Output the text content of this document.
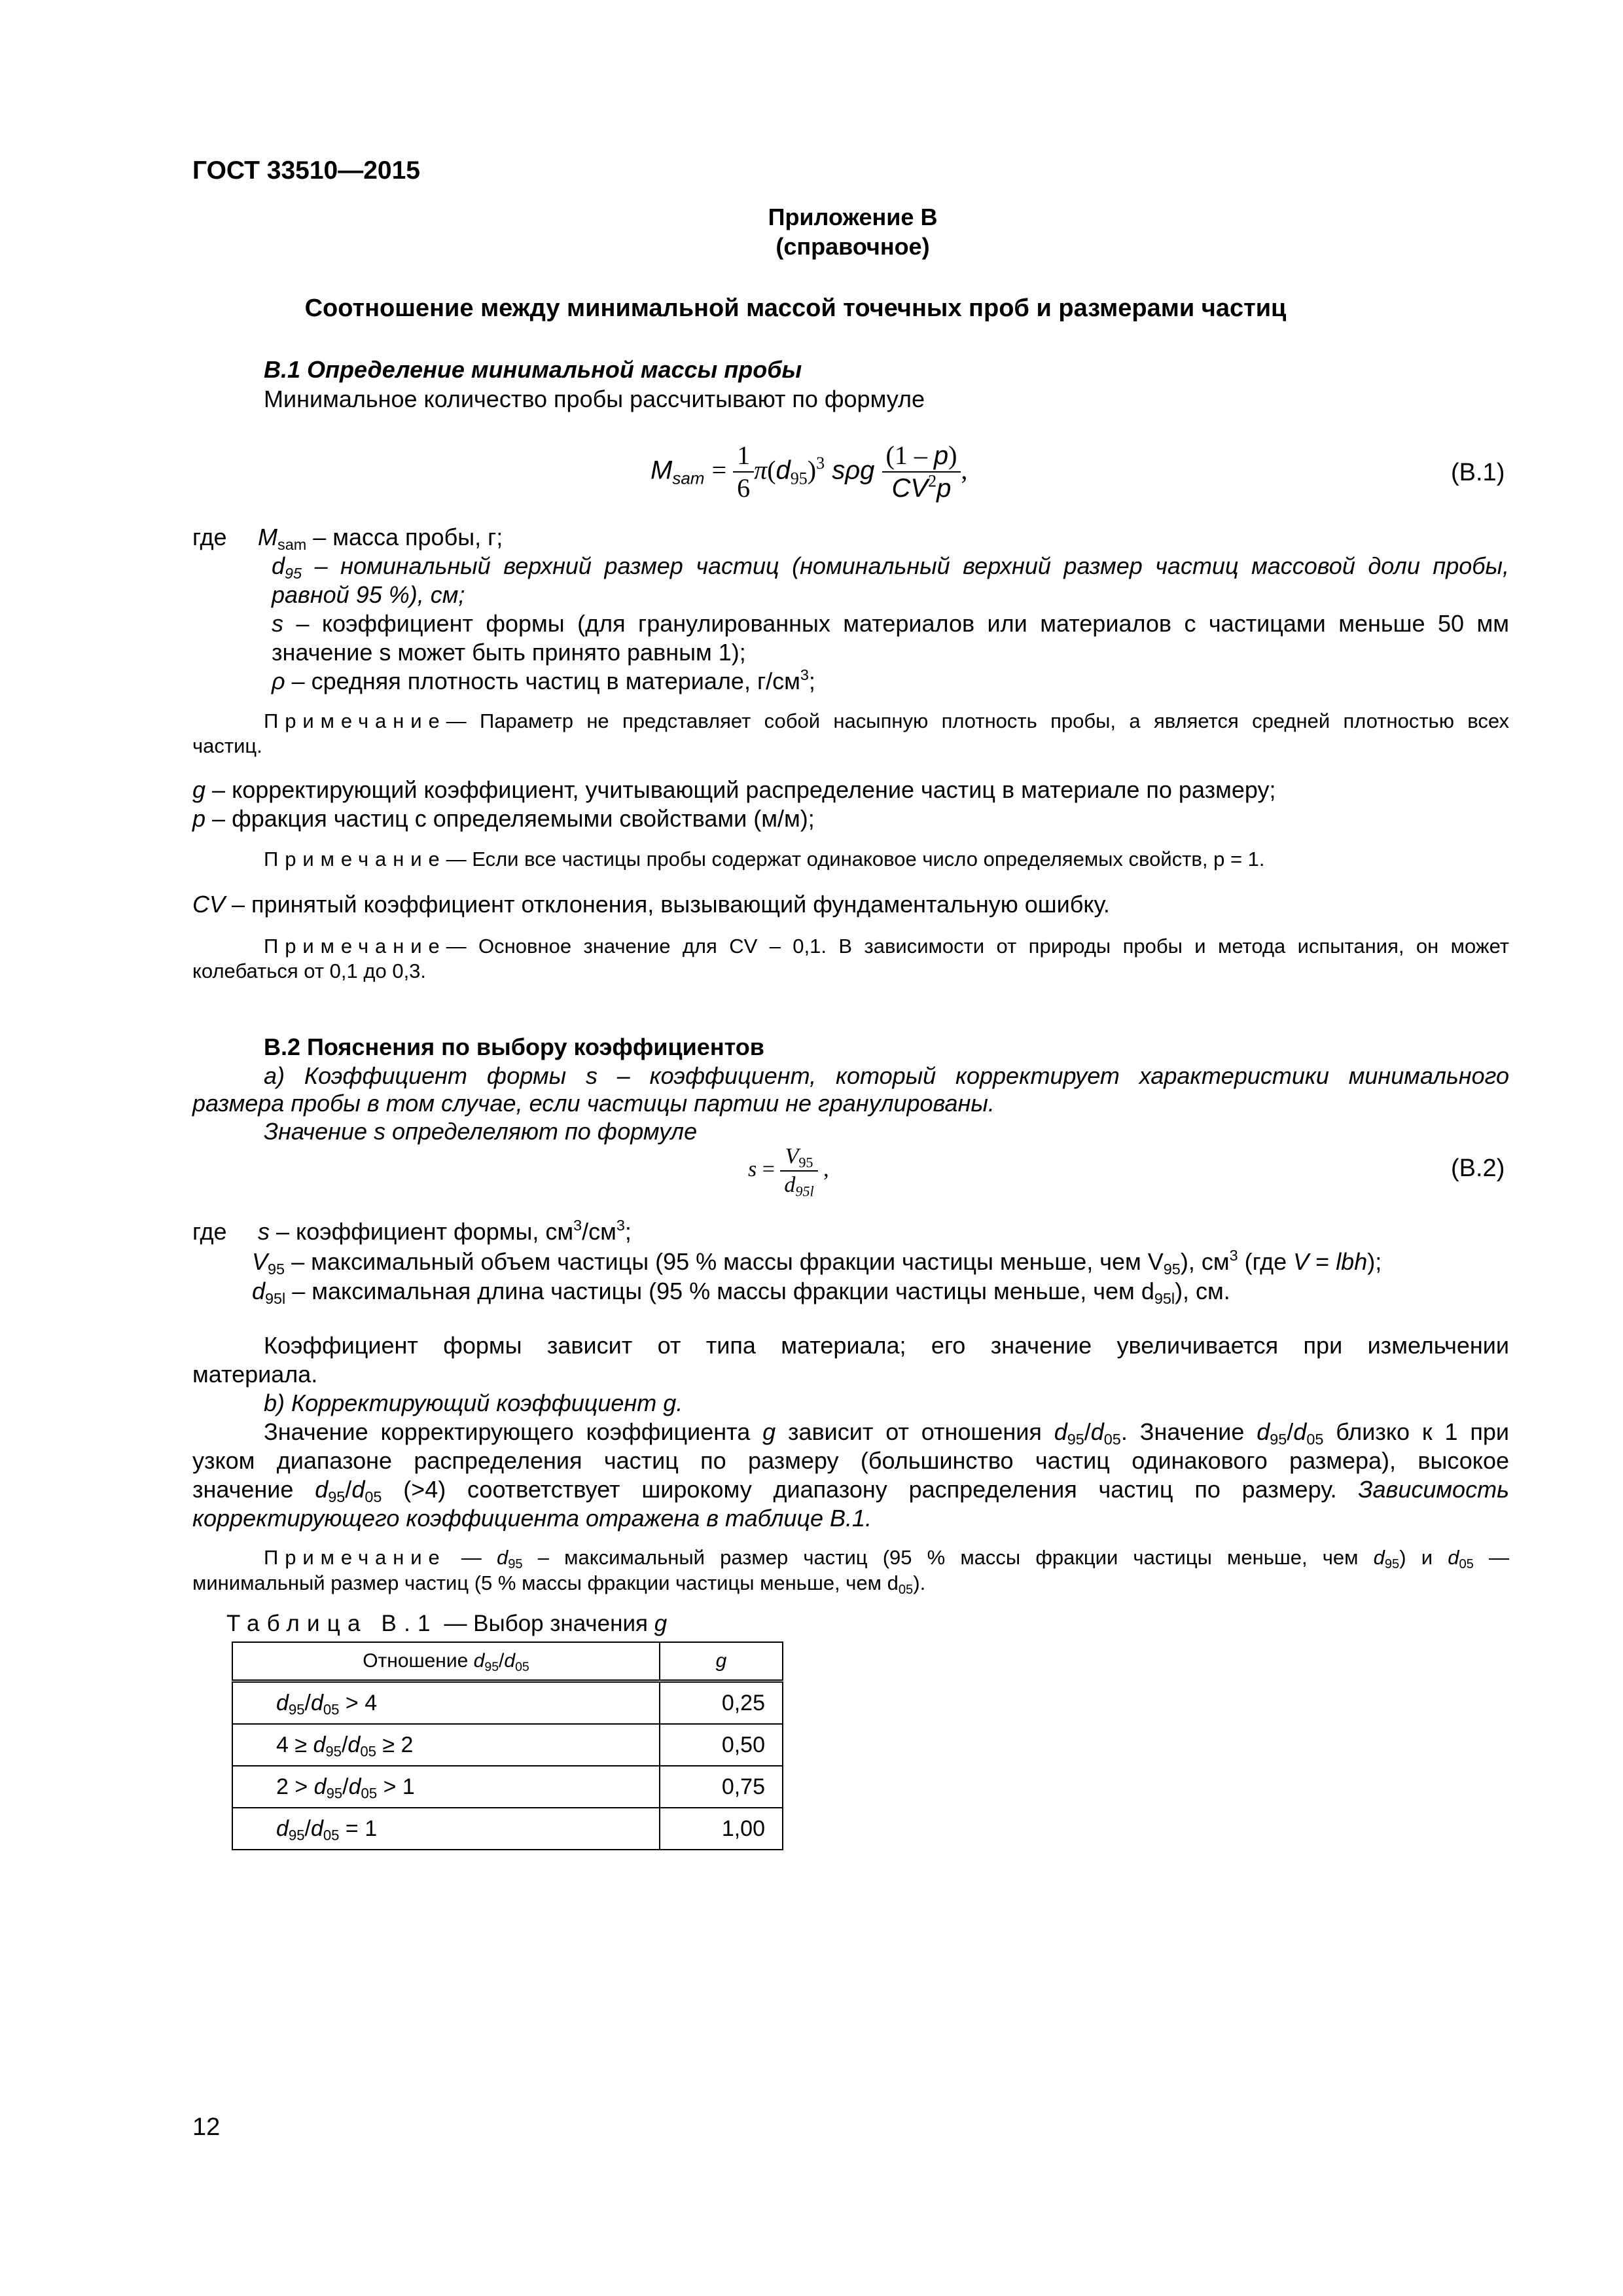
ГОСТ 33510—2015
Приложение В
(справочное)
Соотношение между минимальной массой точечных проб и размерами частиц
В.1 Определение минимальной массы пробы
Минимальное количество пробы рассчитывают по формуле
$M_{sam} = \frac{1}{6} \pi(d_{95})^3$ sρg $\frac{(1 - p)}{CV^2p}$ ,	(В.1)
где $M_{sam}$ – масса пробы, г;
$d_{95}$ – номинальный верхний размер частиц (номинальный верхний размер частиц массовой доли пробы,
равной 95 %), см;
s – коэффициент формы (для гранулированных материалов или материалов с частицами меньше 50 мм
значение s может быть принято равным 1);
ρ – средняя плотность частиц в материале, $г/см^3$;
Примечание— Параметр не представляет собой насыпную плотность пробы, а является средней плотностью всех
частиц.
g – корректирующий коэффициент, учитывающий распределение частиц в материале по размеру;
p – фракция частиц с определяемыми свойствами (м/м);
Примечание— Если все частицы пробы содержат одинаковое число определяемых свойств, p = 1.
CV – принятый коэффициент отклонения, вызывающий фундаментальную ошибку.
Примечание— Основное значение для CV – 0,1. В зависимости от природы пробы и метода испытания, он может
колебаться от 0,1 до 0,3.
В.2 Пояснения по выбору коэффициентов
а) Коэффициент формы s – коэффициент, который корректирует характеристики минимального
размера пробы в том случае, если частицы партии не гранулированы.
Значение s определеляют по формуле
$s = \frac{V_{95}}{d_{95l}}$ ,	(В.2)
где s – коэффициент формы, $см^3/см^3$;
$V_{95}$ – максимальный объем частицы (95 % массы фракции частицы меньше, чем $V_{95}$), $см^3$ (где V = lbh);
$d_{95l}$ – максимальная длина частицы (95 % массы фракции частицы меньше, чем $d_{95l}$), см.
Коэффициент формы зависит от типа материала; его значение увеличивается при измельчении
материала.
b) Корректирующий коэффициент g.
Значение корректирующего коэффициента g зависит от отношения $d_{95}/d_{05}$. Значение $d_{95}/d_{05}$ близко к 1 при
узком диапазоне распределения частиц по размеру (большинство частиц одинакового размера), высокое
значение $d_{95}/d_{05}$ (>4) соответствует широкому диапазону распределения частиц по размеру. Зависимость
корректирующего коэффициента отражена в таблице В.1.
Примечание — $d_{95}$ – максимальный размер частиц (95 % массы фракции частицы меньше, чем $d_{95}$) и $d_{05}$ —
минимальный размер частиц (5 % массы фракции частицы меньше, чем $d_{05}$).
Таблица В.1 — Выбор значения g
Отношение $d_{95}/d_{05}$	g
$d_{95}/d_{05} > 4$	0,25
$4 \ge d_{95}/d_{05} \ge 2$	0,50
$2 > d_{95}/d_{05} > 1$	0,75
$d_{95}/d_{05} = 1$	1,00
12
